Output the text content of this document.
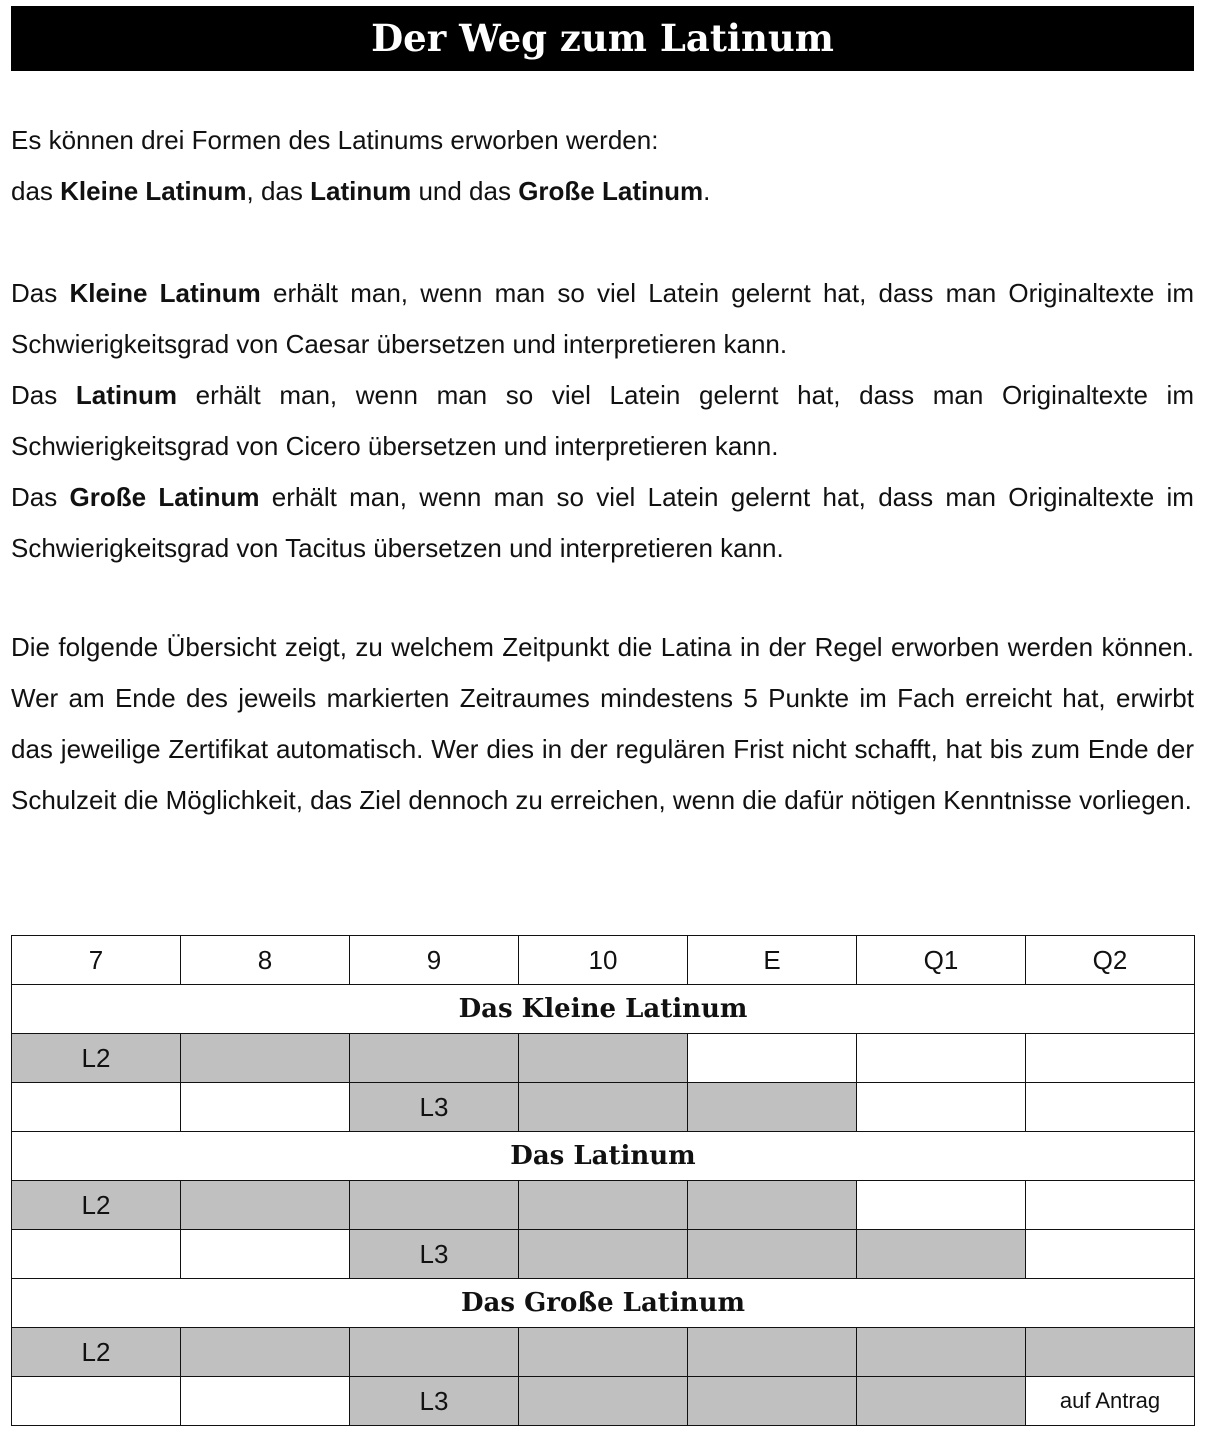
Der Weg zum Latinum

Es können drei Formen des Latinums erworben werden:
das Kleine Latinum, das Latinum und das Große Latinum.

Das Kleine Latinum erhält man, wenn man so viel Latein gelernt hat, dass man Originaltexte im Schwierigkeitsgrad von Caesar übersetzen und interpretieren kann.
Das Latinum erhält man, wenn man so viel Latein gelernt hat, dass man Originaltexte im Schwierigkeitsgrad von Cicero übersetzen und interpretieren kann.
Das Große Latinum erhält man, wenn man so viel Latein gelernt hat, dass man Originaltexte im Schwierigkeitsgrad von Tacitus übersetzen und interpretieren kann.

Die folgende Übersicht zeigt, zu welchem Zeitpunkt die Latina in der Regel erworben werden können. Wer am Ende des jeweils markierten Zeitraumes mindestens 5 Punkte im Fach erreicht hat, erwirbt das jeweilige Zertifikat automatisch. Wer dies in der regulären Frist nicht schafft, hat bis zum Ende der Schulzeit die Möglichkeit, das Ziel dennoch zu erreichen, wenn die dafür nötigen Kenntnisse vorliegen.

7	8	9	10	E	Q1	Q2
Das Kleine Latinum						
L2						
		L3				
Das Latinum						
L2						
		L3				
Das Große Latinum						
L2						
		L3				auf Antrag
